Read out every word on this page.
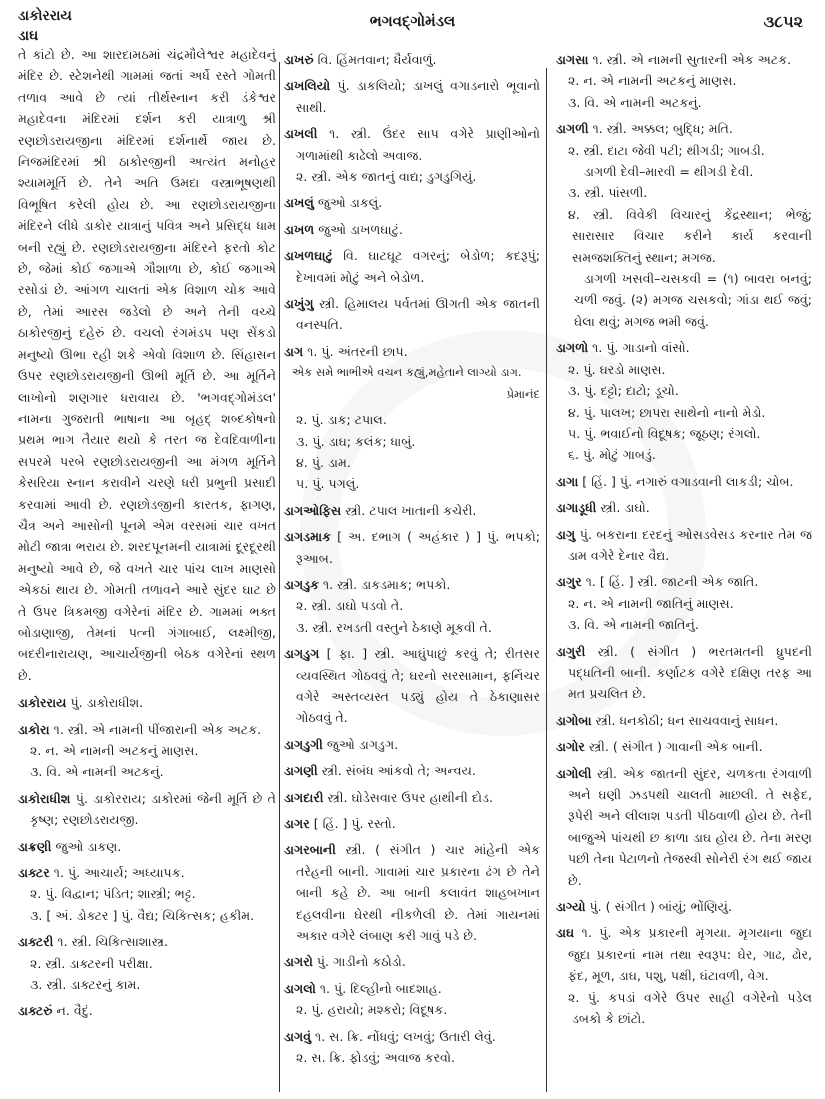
ડાકોરરાય
ડાઘ
ભગવદ્ગોમંડલ	૩૮૫૨
તે કાંટો છે. આ શારદામઠમાં ચંદ્રમૌલેશ્વર મહાદેવનું મંદિર છે. સ્ટેશનેથી ગામમાં જતાં અર્ધે રસ્તે ગોમતી તળાવ આવે છે ત્યાં તીર્થસ્નાન કરી ડંકેશ્વર મહાદેવના મંદિરમાં દર્શન કરી યાત્રાળુ શ્રી રણછોડરાયજીના મંદિરમાં દર્શનાર્થે જાય છે. નિજમંદિરમાં શ્રી ઠાકોરજીની અત્યંત મનોહર શ્યામમૂર્તિ છે. તેને અતિ ઉમદા વસ્ત્રાભૂષણથી વિભૂષિત કરેલી હોય છે. આ રણછોડરાયજીના મંદિરને લીધે ડાકોર યાત્રાનું પવિત્ર અને પ્રસિદ્ધ ધામ બની રહ્યું છે. રણછોડરાયજીના મંદિરને ફરતો કોટ છે, જેમાં કોઈ જગાએ ગૌશાળા છે, કોઈ જગાએ રસોડાં છે. આંગળ ચાલતાં એક વિશાળ ચોક આવે છે, તેમાં આરસ જડેલો છે અને તેની વચ્ચે ઠાકોરજીનું દહેરું છે. વચલો રંગમંડપ પણ સેંકડો મનુષ્યો ઊભા રહી શકે એવો વિશાળ છે. સિંહાસન ઉપર રણછોડરાયજીની ઊભી મૂર્તિ છે. આ મૂર્તિને લાખોનો શણગાર ધરાવાય છે. 'ભગવદ્ગોમંડલ' નામના ગુજરાતી ભાષાના આ બૃહદ્ શબ્દકોષનો પ્રથમ ભાગ તૈયાર થયો કે તરત જ દેવદિવાળીના સપરમે પરબે રણછોડરાયજીની આ મંગળ મૂર્તિને કેસરિયા સ્નાન કરાવીને ચરણે ધરી પ્રભુની પ્રસાદી કરવામાં આવી છે. રણછોડજીની કારતક, ફાગણ, ચૈત્ર અને આસોની પૂનમે એમ વરસમાં ચાર વખત મોટી જાત્રા ભરાય છે. શરદપૂનમની યાત્રામાં દૂરદૂરથી મનુષ્યો આવે છે, જે વખતે ચાર પાંચ લાખ માણસો એકઠાં થાય છે. ગોમતી તળાવને આરે સુંદર ઘાટ છે તે ઉપર ત્રિકમજી વગેરેનાં મંદિર છે. ગામમાં ભક્ત બોડાણાજી, તેમનાં પત્ની ગંગાબાઈ, લક્ષ્મીજી, બદરીનારાયણ, આચાર્યજીની બેઠક વગેરેનાં સ્થળ છે.
ડાકોરરાય પું. ડાકોરાધીશ.
ડાકોરા ૧. સ્ત્રી. એ નામની પીંજારાની એક અટક.
૨. ન. એ નામની અટકનું માણસ.
૩. વિ. એ નામની અટકનું.
ડાકોરાધીશ પું. ડાકોરરાય; ડાકોરમાં જેની મૂર્તિ છે તે કૃષ્ણ; રણછોડરાયજી.
ડાક્રણી જુઓ ડાકણ.
ડાક્ટર ૧. પું. આચાર્ય; અધ્યાપક.
૨. પું. વિદ્વાન; પંડિત; શાસ્ત્રી; ભટ્ટ.
૩. [ અં. ડોક્ટર ] પું. વૈદ્ય; ચિકિત્સક; હકીમ.
ડાક્ટરી ૧. સ્ત્રી. ચિકિત્સાશાસ્ત્ર.
૨. સ્ત્રી. ડાક્ટરની પરીક્ષા.
૩. સ્ત્રી. ડાક્ટરનું કામ.
ડાક્ટરું ન. વૈદું.
ડાખરું વિ. હિંમતવાન; ધૈર્યવાળું.
ડાખલિયો પું. ડાકલિયો; ડાખલું વગાડનારો ભૂવાનો સાથી.
ડાખલી ૧. સ્ત્રી. ઉંદર સાપ વગેરે પ્રાણીઓનો ગળામાંથી કાઢેલો અવાજ.
૨. સ્ત્રી. એક જાતનું વાદ્ય; ડુગડુગિયું.
ડાખલું જુઓ ડાકલું.
ડાખળ જુઓ ડાખળઘાટું.
ડાખળઘાટું વિ. ઘાટઘૂટ વગરનું; બેડોળ; કદરૂપું; દેખાવમાં મોટું અને બેડોળ.
ડાખુંગુ સ્ત્રી. હિમાલય પર્વતમાં ઊગતી એક જાતની વનસ્પતિ.
ડાગ ૧. પું. અંતરની છાપ.
એક સમે ભાભીએ વચન કહ્યું,મહેતાને લાગ્યો ડાગ.
પ્રેમાનંદ
૨. પું. ડાક; ટપાલ.
૩. પું. ડાઘ; કલંક; ધાબું.
૪. પું. ડામ.
૫. પું. પગલું.
ડાગઓફિસ સ્ત્રી. ટપાલ ખાતાની કચેરી.
ડાગડમાક [ અ. દભાગ ( અહંકાર ) ] પું. ભપકો; રૂઆબ.
ડાગડુક ૧. સ્ત્રી. ડાકડમાક; ભપકો.
૨. સ્ત્રી. ડાઘો પડવો તે.
૩. સ્ત્રી. રખડતી વસ્તુને ઠેકાણે મૂકવી તે.
ડાગડુગ [ ફા. ] સ્ત્રી. આઘુંપાછું કરવું તે; રીતસર વ્યવસ્થિત ગોઠવવું તે; ઘરનો સરસામાન, ફર્નિચર વગેરે અસ્તવ્યસ્ત પડ્યું હોય તે ઠેકાણાસર ગોઠવવું તે.
ડાગડુગી જુઓ ડાગડુગ.
ડાગણી સ્ત્રી. સંબંધ આંકવો તે; અન્વય.
ડાગદારી સ્ત્રી. ઘોડેસવાર ઉપર હાથીની દોડ.
ડાગર [ હિં. ] પું. રસ્તો.
ડાગરબાની સ્ત્રી. ( સંગીત ) ચાર માંહેની એક તરેહની બાની. ગાવામાં ચાર પ્રકારના ઢંગ છે તેને બાની કહે છે. આ બાની કલાવંત શાહબખાન દહલવીના ઘેરથી નીકળેલી છે. તેમાં ગાયનમાં અકાર વગેરે લંબાણ કરી ગાવું પડે છે.
ડાગરો પું. ગાડીનો કઠોડો.
ડાગલો ૧. પું. દિલ્હીનો બાદશાહ.
૨. પું. હરાયો; મશ્કરો; વિદૂષક.
ડાગવું ૧. સ. ક્રિ. નોંધવું; લખવું; ઉતારી લેવું.
૨. સ. ક્રિ. ફોડવું; અવાજ કરવો.
ડાગસા ૧. સ્ત્રી. એ નામની સુતારની એક અટક.
૨. ન. એ નામની અટકનું માણસ.
૩. વિ. એ નામની અટકનું.
ડાગળી ૧. સ્ત્રી. અક્કલ; બુદ્ધિ; મતિ.
૨. સ્ત્રી. દાટા જેવી પટી; થીગડી; ગાબડી.
ડાગળી દેવી–મારવી = થીગડી દેવી.
૩. સ્ત્રી. પાંસળી.
૪. સ્ત્રી. વિવેકી વિચારનું કેંદ્રસ્થાન; ભેજું; સારાસાર વિચાર કરીને કાર્ય કરવાની સમજશક્તિનું સ્થાન; મગજ.
ડાગળી ખસવી–ચસકવી = (૧) બાવરા બનવું; ચળી જવું. (૨) મગજ ચસકવો; ગાંડા થઈ જવું; ઘેલા થવું; મગજ ભમી જવું.
ડાગળો ૧. પું. ગાડાનો વાંસો.
૨. પું. ઘરડો માણસ.
૩. પું. દટ્ટો; દાટો; ડૂચો.
૪. પું. પાલખ; છાપરા સાથેનો નાનો મેડો.
૫. પું. ભવાઈનો વિદૂષક; જૂઠણ; રંગલો.
૬. પું. મોટું ગાબડું.
ડાગા [ હિં. ] પું. નગારું વગાડવાની લાકડી; ચોબ.
ડાગાડૂધી સ્ત્રી. ડાઘો.
ડાગુ પું. બકરાના દરદનું ઓસડવેસડ કરનાર તેમ જ ડામ વગેરે દેનાર વૈદ્ય.
ડાગુર ૧. [ હિં. ] સ્ત્રી. જાટની એક જાતિ.
૨. ન. એ નામની જાતિનું માણસ.
૩. વિ. એ નામની જાતિનું.
ડાગુરી સ્ત્રી. ( સંગીત ) ભરતમતની ધ્રુપદની પદ્ધતિની બાની. કર્ણાટક વગેરે દક્ષિણ તરફ આ મત પ્રચલિત છે.
ડાગોબા સ્ત્રી. ધનકોઠી; ધન સાચવવાનું સાધન.
ડાગોર સ્ત્રી. ( સંગીત ) ગાવાની એક બાની.
ડાગોલી સ્ત્રી. એક જાતની સુંદર, ચળકતા રંગવાળી અને ઘણી ઝડપથી ચાલતી માછલી. તે સફેદ, રૂપેરી અને લીલાશ પડતી પીઠવાળી હોય છે. તેની બાજુએ પાંચથી છ કાળા ડાઘ હોય છે. તેના મરણ પછી તેના પેટાળનો તેજસ્વી સોનેરી રંગ થઈ જાય છે.
ડાગ્યો પું. ( સંગીત ) બાંયું; ભોંણિયું.
ડાઘ ૧. પું. એક પ્રકારની મૃગયા. મૃગયાના જુદા જુદા પ્રકારનાં નામ તથા સ્વરૂપ: ઘેર, ગાઢ, ઢોર, ફંદ, મૂળ, ડાઘ, પશુ, પક્ષી, ઘંટાવળી, વેગ.
૨. પું. કપડાં વગેરે ઉપર સાહી વગેરેનો પડેલ ડબકો કે છાંટો.
